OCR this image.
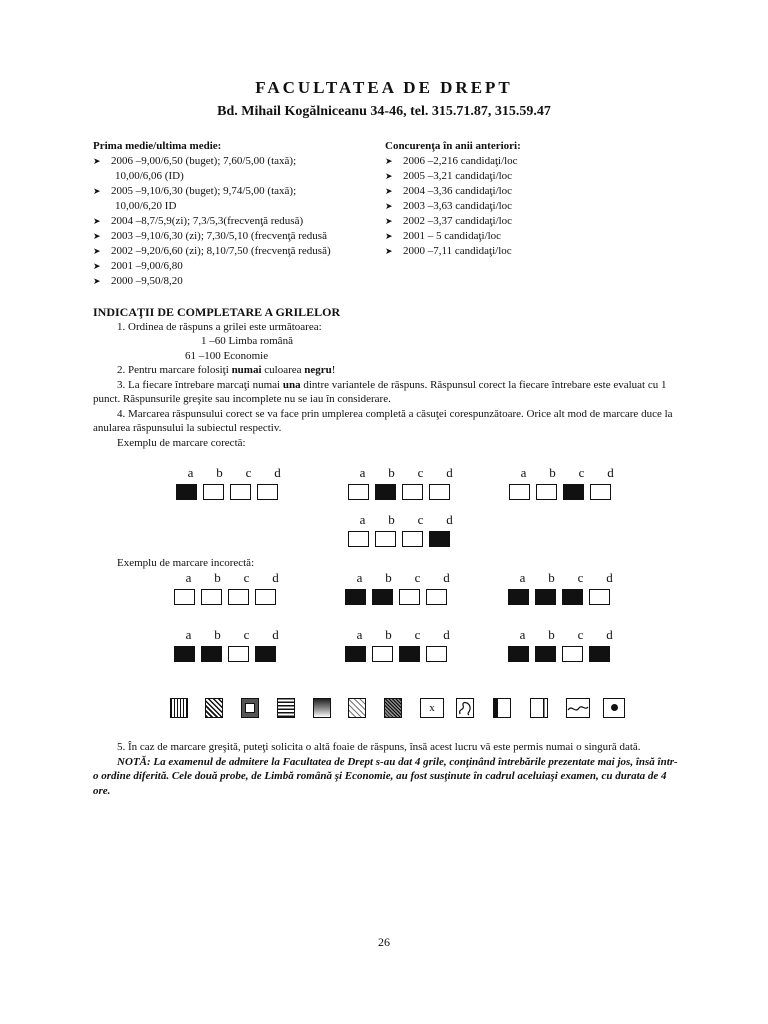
FACULTATEA DE DREPT
Bd. Mihail Kogălniceanu 34-46, tel. 315.71.87, 315.59.47
Prima medie/ultima medie:
➤ 2006 –9,00/6,50 (buget); 7,60/5,00 (taxă);
10,00/6,06 (ID)
➤ 2005 –9,10/6,30 (buget); 9,74/5,00 (taxă);
10,00/6,20 ID
➤ 2004 –8,7/5,9(zi); 7,3/5,3(frecvenţă redusă)
➤ 2003 –9,10/6,30 (zi); 7,30/5,10 (frecvenţă redusă
➤ 2002 –9,20/6,60 (zi); 8,10/7,50 (frecvenţă redusă)
➤ 2001 –9,00/6,80
➤ 2000 –9,50/8,20
Concurenţa în anii anteriori:
➤ 2006 –2,216 candidaţi/loc
➤ 2005 –3,21 candidaţi/loc
➤ 2004 –3,36 candidaţi/loc
➤ 2003 –3,63 candidaţi/loc
➤ 2002 –3,37 candidaţi/loc
➤ 2001 – 5 candidaţi/loc
➤ 2000 –7,11 candidaţi/loc
INDICAŢII DE COMPLETARE A GRILELOR
1. Ordinea de răspuns a grilei este următoarea:
1 –60 Limba română
61 –100 Economie
2. Pentru marcare folosiţi numai culoarea negru!
3. La fiecare întrebare marcaţi numai una dintre variantele de răspuns. Răspunsul corect la fiecare întrebare este evaluat cu 1 punct. Răspunsurile greşite sau incomplete nu se iau în considerare.
4. Marcarea răspunsului corect se va face prin umplerea completă a căsuţei corespunzătoare. Orice alt mod de marcare duce la anularea răspunsului la subiectul respectiv.
Exemplu de marcare corectă:
a	b	c	d	a	b	c	d	a	b	c	d
a	b	c	d
Exemplu de marcare incorectă:
a	b	c	d	a	b	c	d	a	b	c	d
a	b	c	d	a	b	c	d	a	b	c	d
x
5. În caz de marcare greşită, puteţi solicita o altă foaie de răspuns, însă acest lucru vă este permis numai o singură dată.
NOTĂ: La examenul de admitere la Facultatea de Drept s-au dat 4 grile, conţinând întrebările prezentate mai jos, însă într-o ordine diferită. Cele două probe, de Limbă română şi Economie, au fost susţinute în cadrul aceluiaşi examen, cu durata de 4 ore.
26
